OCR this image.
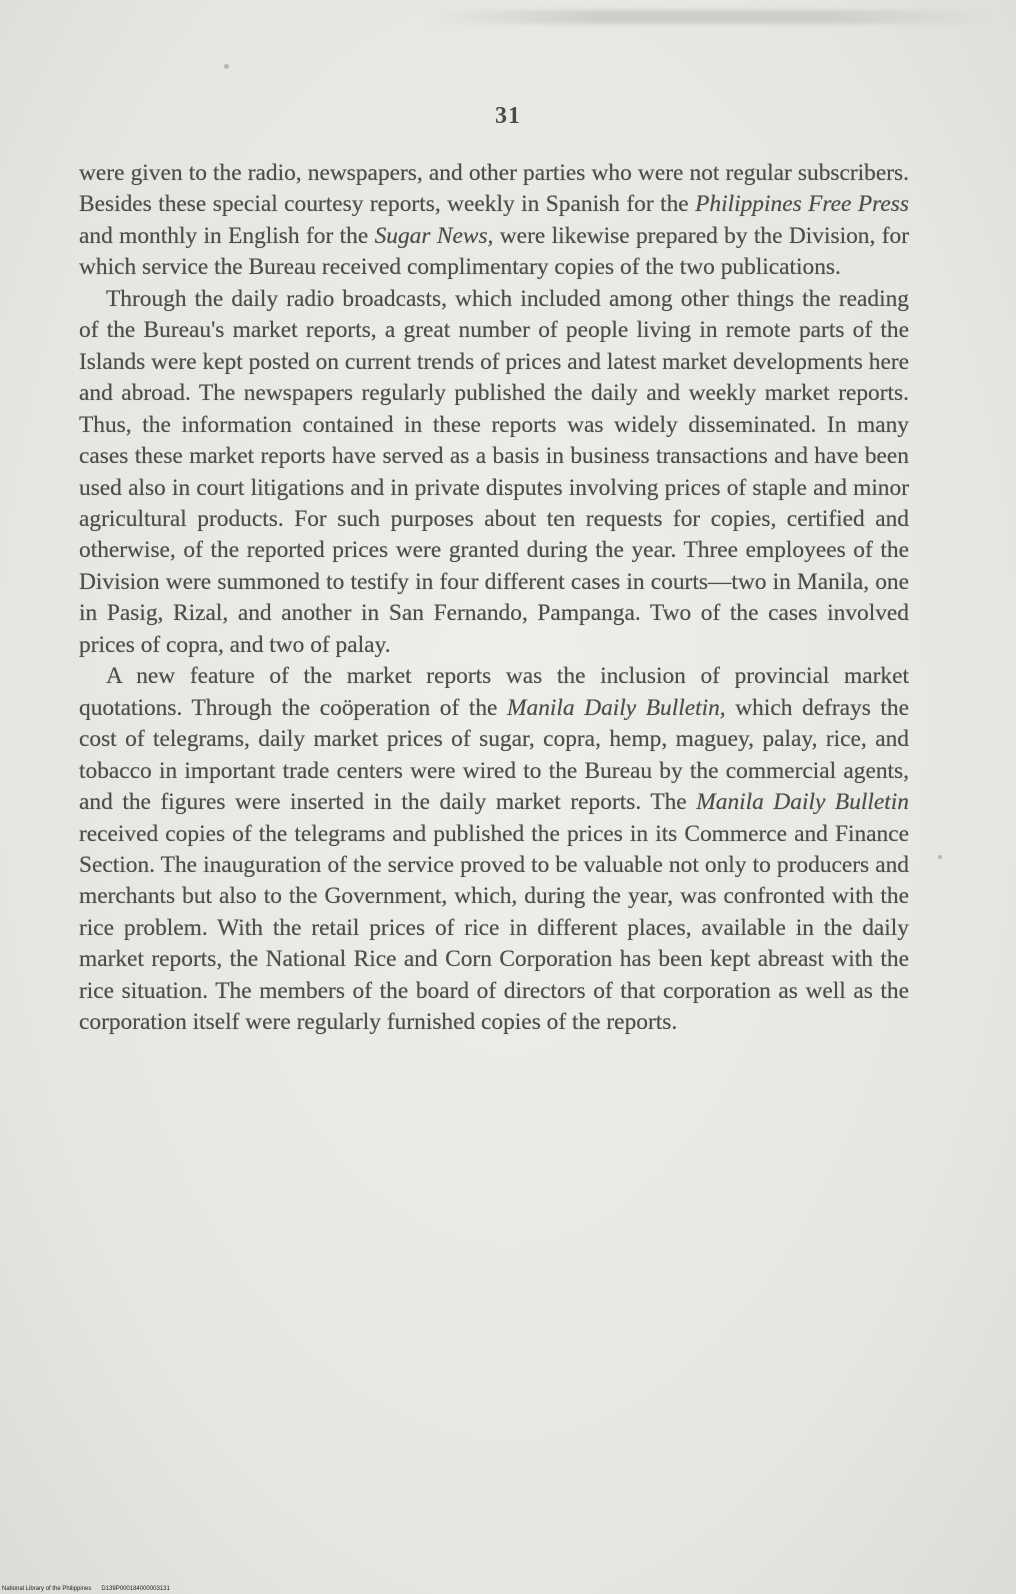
31

were given to the radio, newspapers, and other parties who were not regular subscribers. Besides these special courtesy reports, weekly in Spanish for the Philippines Free Press and monthly in English for the Sugar News, were likewise prepared by the Division, for which service the Bureau received complimentary copies of the two publications.

Through the daily radio broadcasts, which included among other things the reading of the Bureau's market reports, a great number of people living in remote parts of the Islands were kept posted on current trends of prices and latest market developments here and abroad. The newspapers regularly published the daily and weekly market reports. Thus, the information contained in these reports was widely disseminated. In many cases these market reports have served as a basis in business transactions and have been used also in court litigations and in private disputes involving prices of staple and minor agricultural products. For such purposes about ten requests for copies, certified and otherwise, of the reported prices were granted during the year. Three employees of the Division were summoned to testify in four different cases in courts—two in Manila, one in Pasig, Rizal, and another in San Fernando, Pampanga. Two of the cases involved prices of copra, and two of palay.

A new feature of the market reports was the inclusion of provincial market quotations. Through the coöperation of the Manila Daily Bulletin, which defrays the cost of telegrams, daily market prices of sugar, copra, hemp, maguey, palay, rice, and tobacco in important trade centers were wired to the Bureau by the commercial agents, and the figures were inserted in the daily market reports. The Manila Daily Bulletin received copies of the telegrams and published the prices in its Commerce and Finance Section. The inauguration of the service proved to be valuable not only to producers and merchants but also to the Government, which, during the year, was confronted with the rice problem. With the retail prices of rice in different places, available in the daily market reports, the National Rice and Corn Corporation has been kept abreast with the rice situation. The members of the board of directors of that corporation as well as the corporation itself were regularly furnished copies of the reports.

National Library of the Philippines D139P000184000003131
